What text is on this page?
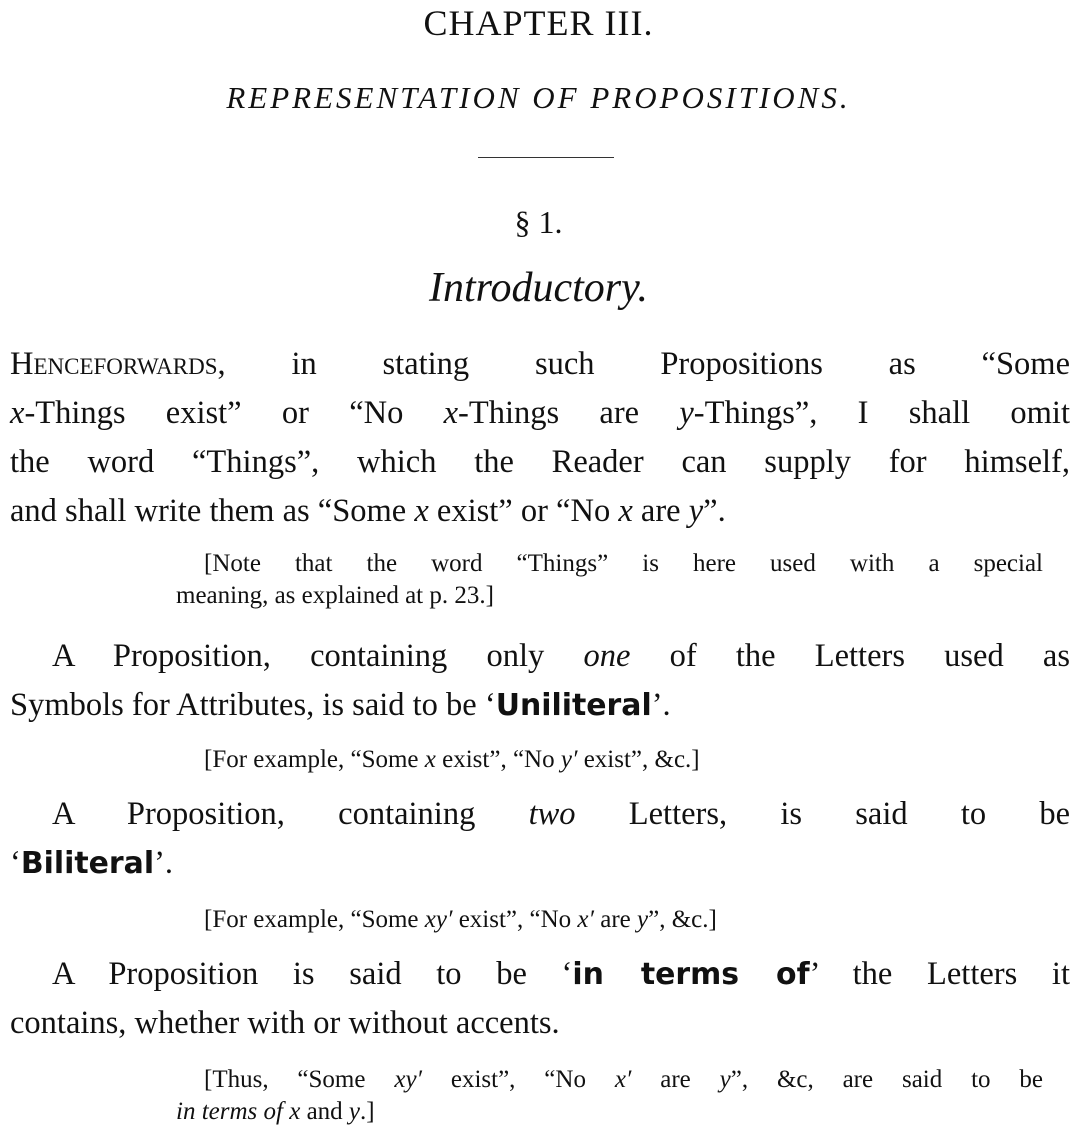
CHAPTER III.
REPRESENTATION OF PROPOSITIONS.
§ 1.
Introductory.
Henceforwards, in stating such Propositions as “Some
x-Things exist” or “No x-Things are y-Things”, I shall omit
the word “Things”, which the Reader can supply for himself,
and shall write them as “Some x exist” or “No x are y”.
[Note that the word “Things” is here used with a special
meaning, as explained at p. 23.]
A Proposition, containing only one of the Letters used as
Symbols for Attributes, is said to be ‘Uniliteral’.
[For example, “Some x exist”, “No y′ exist”, &c.]
A Proposition, containing two Letters, is said to be
‘Biliteral’.
[For example, “Some xy′ exist”, “No x′ are y”, &c.]
A Proposition is said to be ‘in terms of’ the Letters it
contains, whether with or without accents.
[Thus, “Some xy′ exist”, “No x′ are y”, &c, are said to be
in terms of x and y.]
